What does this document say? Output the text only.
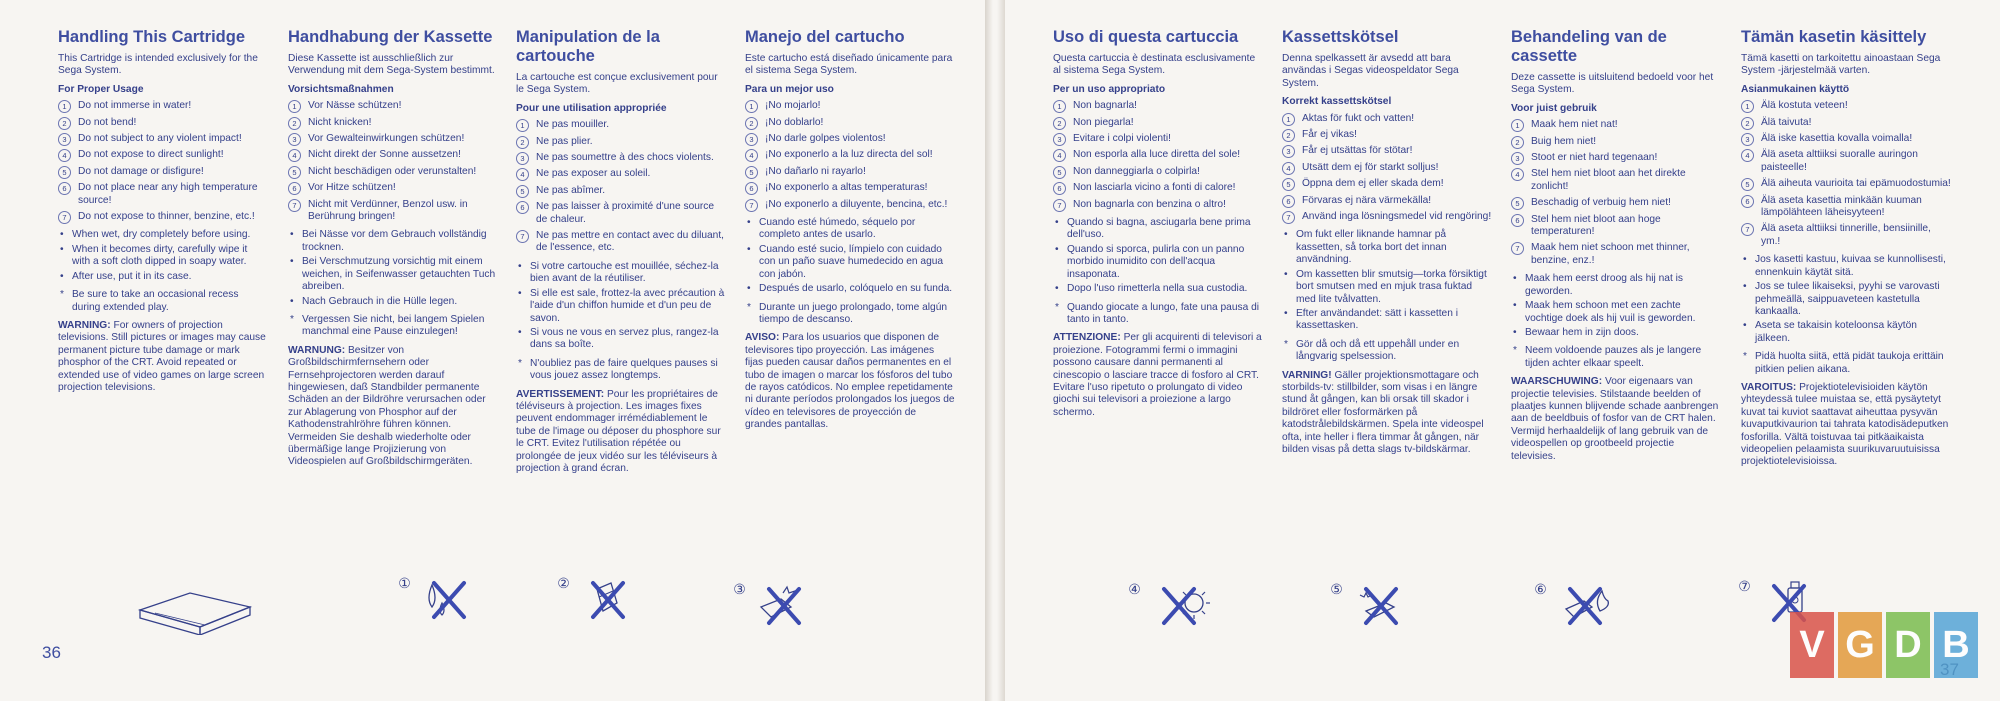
Handling This Cartridge

This Cartridge is intended exclusively for the Sega System.

For Proper Usage
1	Do not immerse in water!
2	Do not bend!
3	Do not subject to any violent impact!
4	Do not expose to direct sunlight!
5	Do not damage or disfigure!
6	Do not place near any high temperature source!
7	Do not expose to thinner, benzine, etc.!
• When wet, dry completely before using.
• When it becomes dirty, carefully wipe it with a soft cloth dipped in soapy water.
• After use, put it in its case.
* Be sure to take an occasional recess during extended play.

WARNING: For owners of projection televisions. Still pictures or images may cause permanent picture tube damage or mark phosphor of the CRT. Avoid repeated or extended use of video games on large screen projection televisions.

Handhabung der Kassette

Diese Kassette ist ausschließlich zur Verwendung mit dem Sega-System bestimmt.

Vorsichtsmaßnahmen
1	Vor Nässe schützen!
2	Nicht knicken!
3	Vor Gewalteinwirkungen schützen!
4	Nicht direkt der Sonne aussetzen!
5	Nicht beschädigen oder verunstalten!
6	Vor Hitze schützen!
7	Nicht mit Verdünner, Benzol usw. in Berührung bringen!
• Bei Nässe vor dem Gebrauch vollständig trocknen.
• Bei Verschmutzung vorsichtig mit einem weichen, in Seifenwasser getauchten Tuch abreiben.
• Nach Gebrauch in die Hülle legen.
* Vergessen Sie nicht, bei langem Spielen manchmal eine Pause einzulegen!

WARNUNG: Besitzer von Großbildschirmfernsehern oder Fernsehprojectoren werden darauf hingewiesen, daß Standbilder permanente Schäden an der Bildröhre verursachen oder zur Ablagerung von Phosphor auf der Kathodenstrahlröhre führen können. Vermeiden Sie deshalb wiederholte oder übermäßige lange Projizierung von Videospielen auf Großbildschirmgeräten.

Manipulation de la cartouche

La cartouche est conçue exclusivement pour le Sega System.

Pour une utilisation appropriée
1	Ne pas mouiller.
2	Ne pas plier.
3	Ne pas soumettre à des chocs violents.
4	Ne pas exposer au soleil.
5	Ne pas abîmer.
6	Ne pas laisser à proximité d'une source de chaleur.
7	Ne pas mettre en contact avec du diluant, de l'essence, etc.
• Si votre cartouche est mouillée, séchez-la bien avant de la réutiliser.
• Si elle est sale, frottez-la avec précaution à l'aide d'un chiffon humide et d'un peu de savon.
• Si vous ne vous en servez plus, rangez-la dans sa boîte.
* N'oubliez pas de faire quelques pauses si vous jouez assez longtemps.

AVERTISSEMENT: Pour les propriétaires de téléviseurs à projection. Les images fixes peuvent endommager irrémédiablement le tube de l'image ou déposer du phosphore sur le CRT. Evitez l'utilisation répétée ou prolongée de jeux vidéo sur les téléviseurs à projection à grand écran.

Manejo del cartucho

Este cartucho está diseñado únicamente para el sistema Sega System.

Para un mejor uso
1	¡No mojarlo!
2	¡No doblarlo!
3	¡No darle golpes violentos!
4	¡No exponerlo a la luz directa del sol!
5	¡No dañarlo ni rayarlo!
6	¡No exponerlo a altas temperaturas!
7	¡No exponerlo a diluyente, bencina, etc.!
• Cuando esté húmedo, séquelo por completo antes de usarlo.
• Cuando esté sucio, límpielo con cuidado con un paño suave humedecido en agua con jabón.
• Después de usarlo, colóquelo en su funda.
* Durante un juego prolongado, tome algún tiempo de descanso.

AVISO: Para los usuarios que disponen de televisores tipo proyección. Las imágenes fijas pueden causar daños permanentes en el tubo de imagen o marcar los fósforos del tubo de rayos catódicos. No emplee repetidamente ni durante períodos prolongados los juegos de vídeo en televisores de proyección de grandes pantallas.

Uso di questa cartuccia

Questa cartuccia è destinata esclusivamente al sistema Sega System.

Per un uso appropriato
1	Non bagnarla!
2	Non piegarla!
3	Evitare i colpi violenti!
4	Non esporla alla luce diretta del sole!
5	Non danneggiarla o colpirla!
6	Non lasciarla vicino a fonti di calore!
7	Non bagnarla con benzina o altro!
• Quando si bagna, asciugarla bene prima dell'uso.
• Quando si sporca, pulirla con un panno morbido inumidito con dell'acqua insaponata.
• Dopo l'uso rimetterla nella sua custodia.
* Quando giocate a lungo, fate una pausa di tanto in tanto.

ATTENZIONE: Per gli acquirenti di televisori a proiezione. Fotogrammi fermi o immagini possono causare danni permanenti al cinescopio o lasciare tracce di fosforo al CRT. Evitare l'uso ripetuto o prolungato di video giochi sui televisori a proiezione a largo schermo.

Kassettskötsel

Denna spelkassett är avsedd att bara användas i Segas videospeldator Sega System.

Korrekt kassettskötsel
1	Aktas för fukt och vatten!
2	Får ej vikas!
3	Får ej utsättas för stötar!
4	Utsätt dem ej för starkt solljus!
5	Öppna dem ej eller skada dem!
6	Förvaras ej nära värmekälla!
7	Använd inga lösningsmedel vid rengöring!
• Om fukt eller liknande hamnar på kassetten, så torka bort det innan användning.
• Om kassetten blir smutsig—torka försiktigt bort smutsen med en mjuk trasa fuktad med lite tvålvatten.
• Efter användandet: sätt i kassetten i kassettasken.
* Gör då och då ett uppehåll under en långvarig spelsession.

VARNING! Gäller projektionsmottagare och storbilds-tv: stillbilder, som visas i en längre stund åt gången, kan bli orsak till skador i bildröret eller fosformärken på katodstrålebildskärmen. Spela inte videospel ofta, inte heller i flera timmar åt gången, när bilden visas på detta slags tv-bildskärmar.

Behandeling van de cassette

Deze cassette is uitsluitend bedoeld voor het Sega System.

Voor juist gebruik
1	Maak hem niet nat!
2	Buig hem niet!
3	Stoot er niet hard tegenaan!
4	Stel hem niet bloot aan het direkte zonlicht!
5	Beschadig of verbuig hem niet!
6	Stel hem niet bloot aan hoge temperaturen!
7	Maak hem niet schoon met thinner, benzine, enz.!
• Maak hem eerst droog als hij nat is geworden.
• Maak hem schoon met een zachte vochtige doek als hij vuil is geworden.
• Bewaar hem in zijn doos.
* Neem voldoende pauzes als je langere tijden achter elkaar speelt.

WAARSCHUWING: Voor eigenaars van projectie televisies. Stilstaande beelden of plaatjes kunnen blijvende schade aanbrengen aan de beeldbuis of fosfor van de CRT halen. Vermijd herhaaldelijk of lang gebruik van de videospellen op grootbeeld projectie televisies.

Tämän kasetin käsittely

Tämä kasetti on tarkoitettu ainoastaan Sega System -järjestelmää varten.

Asianmukainen käyttö
1	Älä kostuta veteen!
2	Älä taivuta!
3	Älä iske kasettia kovalla voimalla!
4	Älä aseta alttiiksi suoralle auringon paisteelle!
5	Älä aiheuta vaurioita tai epämuodostumia!
6	Älä aseta kasettia minkään kuuman lämpölähteen läheisyyteen!
7	Älä aseta alttiiksi tinnerille, bensiinille, ym.!
• Jos kasetti kastuu, kuivaa se kunnollisesti, ennenkuin käytät sitä.
• Jos se tulee likaiseksi, pyyhi se varovasti pehmeällä, saippuaveteen kastetulla kankaalla.
• Aseta se takaisin koteloonsa käytön jälkeen.
* Pidä huolta siitä, että pidät taukoja erittäin pitkien pelien aikana.

VAROITUS: Projektiotelevisioiden käytön yhteydessä tulee muistaa se, että pysäytetyt kuvat tai kuviot saattavat aiheuttaa pysyvän kuvaputkivaurion tai tahrata katodisädeputken fosforilla. Vältä toistuvaa tai pitkäaikaista videopelien pelaamista suurikuvaruutuisissa projektiotelevisioissa.

①	②	③	④	⑤	⑥	⑦
36	V G D B
